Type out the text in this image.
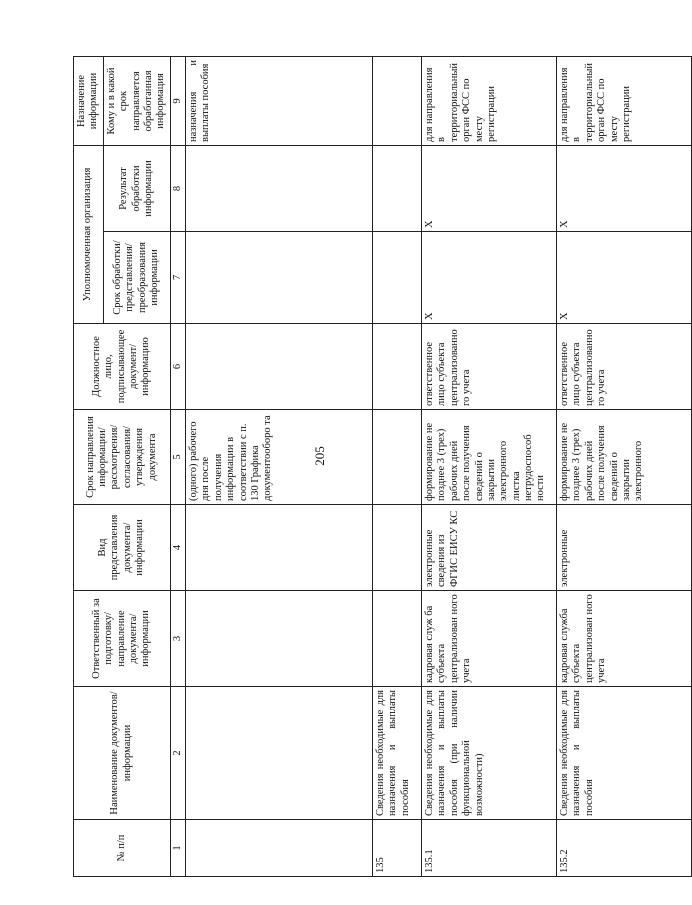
205
№ п/п	Наименование документов/ информации	Ответственный за подготовку/ направление документа/ информации	Вид представления документа/ информации	Срок направления информации/ рассмотрения/ согласования/ утверждения документа	Должностное лицо, подписывающее документ/ информацию	Уполномоченная организация		Назначение информации
						Срок обработки/ представления/ преобразования информации	Результат обработки информации	Кому и в какой срок направляется обработанная информация
1	2	3	4	5	6	7	8	9
				(одного) рабочего дня после получения информации в соответствии с п. 130 Графика документооборо та				назначения и выплаты пособия
135	Сведения необходимые для назначения и выплаты пособия							
135.1	Сведения необходимые для назначения и выплаты пособия (при наличии функциональной возможности)	кадровая служ ба субъекта централизован ного учета	электронные сведения из ФГИС ЕИСУ КС	формирование не позднее 3 (трех) рабочих дней после получения сведений о закрытии электронного листка нетрудоспособ ности	ответственное лицо субъекта централизованно го учета	X	X	для направления в территориальный орган ФСС по месту регистрации
135.2	Сведения необходимые для назначения и выплаты пособия	кадровая служба субъекта централизован ного учета	электронные	формирование не позднее 3 (трех) рабочих дней после получения сведений о закрытии электронного	ответственное лицо субъекта централизованно го учета	X	X	для направления в территориальный орган ФСС по месту регистрации
